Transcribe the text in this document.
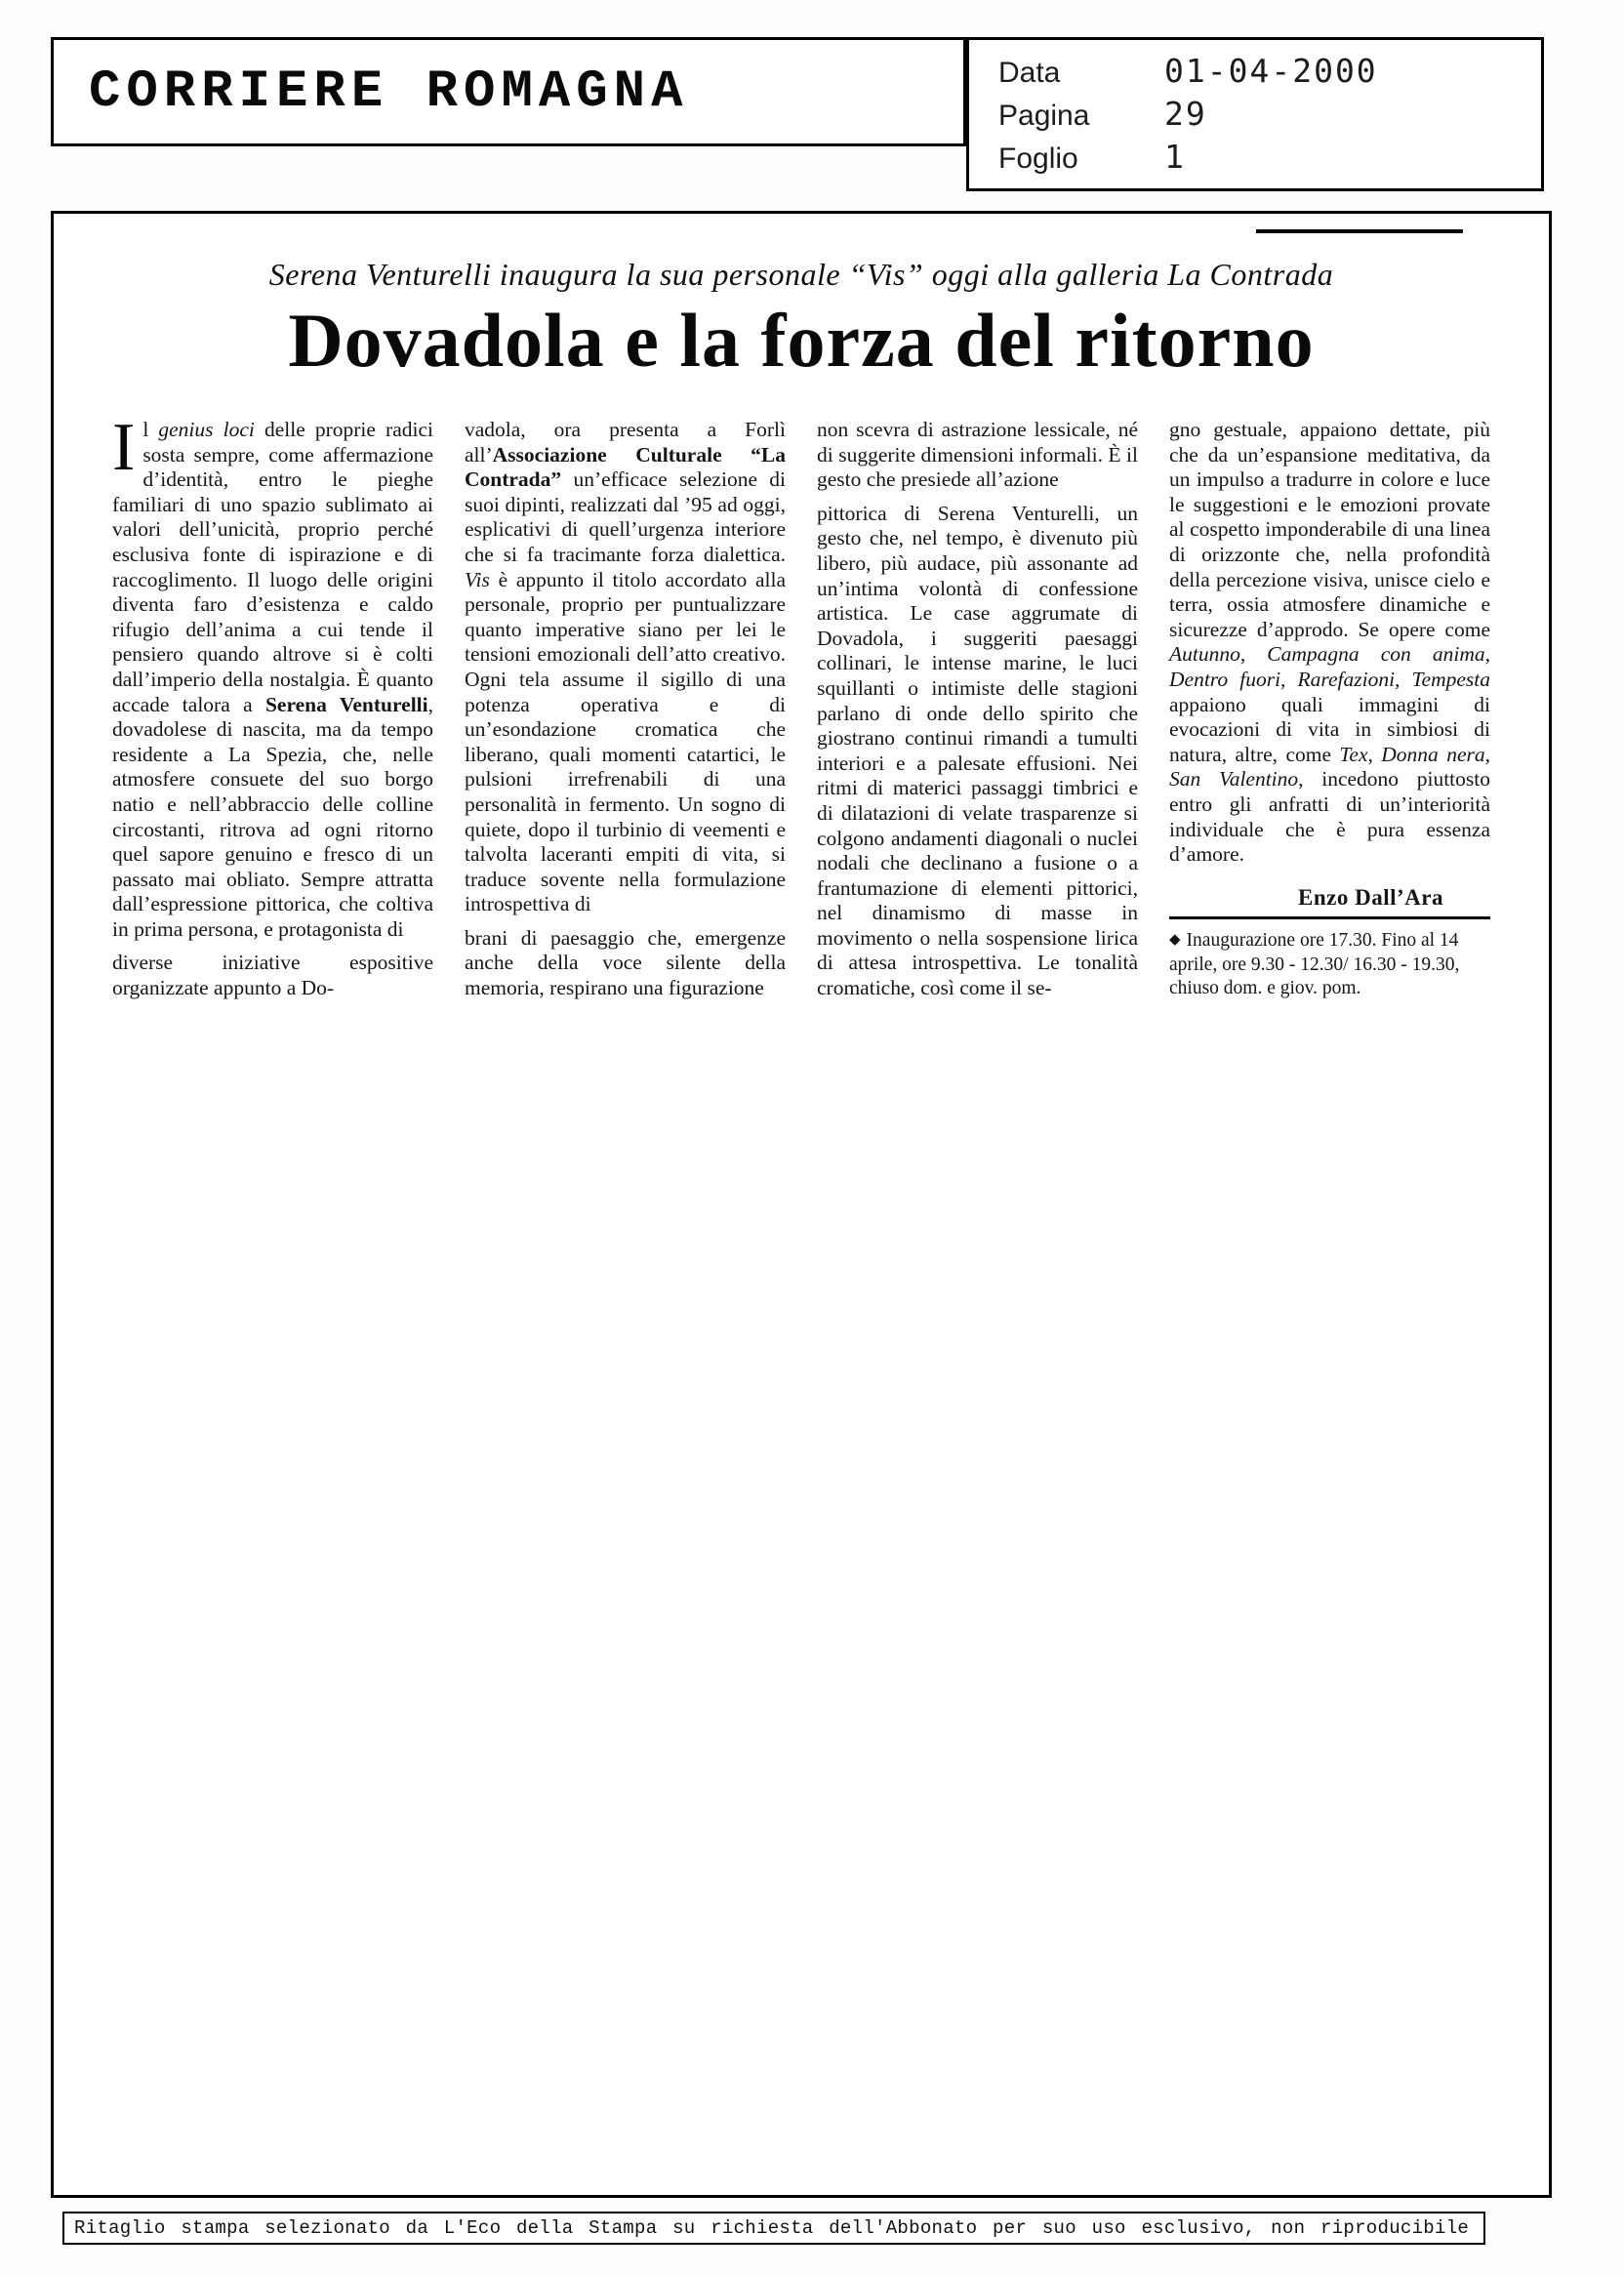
CORRIERE ROMAGNA	Data	01-04-2000
Pagina	29
Foglio	1
Serena Venturelli inaugura la sua personale “Vis” oggi alla galleria La Contrada
Dovadola e la forza del ritorno

Il genius loci delle proprie radici sosta sempre, come affermazione d’identità, entro le pieghe familiari di uno spazio sublimato ai valori dell’unicità, proprio perché esclusiva fonte di ispirazione e di raccoglimento. Il luogo delle origini diventa faro d’esistenza e caldo rifugio dell’anima a cui tende il pensiero quando altrove si è colti dall’imperio della nostalgia. È quanto accade talora a Serena Venturelli, dovadolese di nascita, ma da tempo residente a La Spezia, che, nelle atmosfere consuete del suo borgo natio e nell’abbraccio delle colline circostanti, ritrova ad ogni ritorno quel sapore genuino e fresco di un passato mai obliato. Sempre attratta dall’espressione pittorica, che coltiva in prima persona, e protagonista di

diverse iniziative espositive organizzate appunto a Do-

vadola, ora presenta a Forlì all’Associazione Culturale “La Contrada” un’efficace selezione di suoi dipinti, realizzati dal ’95 ad oggi, esplicativi di quell’urgenza interiore che si fa tracimante forza dialettica. Vis è appunto il titolo accordato alla personale, proprio per puntualizzare quanto imperative siano per lei le tensioni emozionali dell’atto creativo. Ogni tela assume il sigillo di una potenza operativa e di un’esondazione cromatica che liberano, quali momenti catartici, le pulsioni irrefrenabili di una personalità in fermento. Un sogno di quiete, dopo il turbinio di veementi e talvolta laceranti empiti di vita, si traduce sovente nella formulazione introspettiva di

brani di paesaggio che, emergenze anche della voce silente della memoria, respirano una figurazione

non scevra di astrazione lessicale, né di suggerite dimensioni informali. È il gesto che presiede all’azione

pittorica di Serena Venturelli, un gesto che, nel tempo, è divenuto più libero, più audace, più assonante ad un’intima volontà di confessione artistica. Le case aggrumate di Dovadola, i suggeriti paesaggi collinari, le intense marine, le luci squillanti o intimiste delle stagioni parlano di onde dello spirito che giostrano continui rimandi a tumulti interiori e a palesate effusioni. Nei ritmi di materici passaggi timbrici e di dilatazioni di velate trasparenze si colgono andamenti diagonali o nuclei nodali che declinano a fusione o a frantumazione di elementi pittorici, nel dinamismo di masse in movimento o nella sospensione lirica di attesa introspettiva. Le tonalità cromatiche, così come il se-

gno gestuale, appaiono dettate, più che da un’espansione meditativa, da un impulso a tradurre in colore e luce le suggestioni e le emozioni provate al cospetto imponderabile di una linea di orizzonte che, nella profondità della percezione visiva, unisce cielo e terra, ossia atmosfere dinamiche e sicurezze d’approdo. Se opere come Autunno, Campagna con anima, Dentro fuori, Rarefazioni, Tempesta appaiono quali immagini di evocazioni di vita in simbiosi di natura, altre, come Tex, Donna nera, San Valentino, incedono piuttosto entro gli anfratti di un’interiorità individuale che è pura essenza d’amore.

Enzo Dall’Ara

◆ Inaugurazione ore 17.30. Fino al 14 aprile, ore 9.30 - 12.30/ 16.30 - 19.30, chiuso dom. e giov. pom.

Ritaglio stampa selezionato da L'Eco della Stampa su richiesta dell'Abbonato per suo uso esclusivo, non riproducibile
